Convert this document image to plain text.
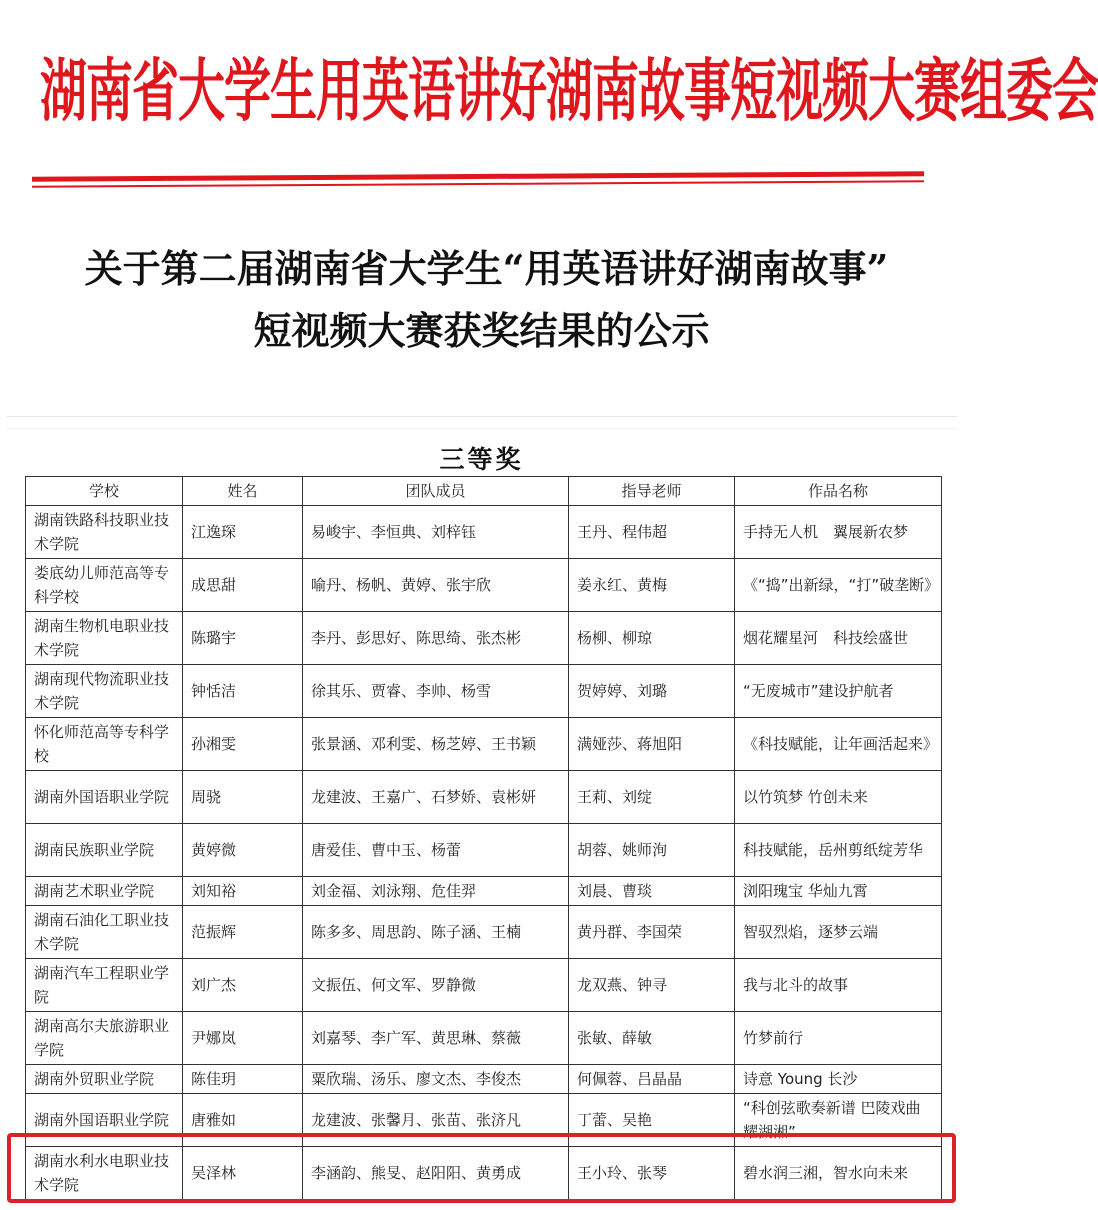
湖南省大学生用英语讲好湖南故事短视频大赛组委会
关于第二届湖南省大学生“用英语讲好湖南故事”
短视频大赛获奖结果的公示
三等奖
学校	姓名	团队成员	指导老师	作品名称
湖南铁路科技职业技术学院	江逸琛	易峻宇、李恒典、刘梓钰	王丹、程伟超	手持无人机　翼展新农梦
娄底幼儿师范高等专科学校	成思甜	喻丹、杨帆、黄婷、张宇欣	姜永红、黄梅	《“捣”出新绿，“打”破垄断》
湖南生物机电职业技术学院	陈璐宇	李丹、彭思好、陈思绮、张杰彬	杨柳、柳琼	烟花耀星河　科技绘盛世
湖南现代物流职业技术学院	钟恬洁	徐其乐、贾睿、李帅、杨雪	贺婷婷、刘璐	“无废城市”建设护航者
怀化师范高等专科学校	孙湘雯	张景涵、邓利雯、杨芝婷、王书颖	满娅莎、蒋旭阳	《科技赋能，让年画活起来》
湖南外国语职业学院	周骁	龙建波、王嘉广、石梦娇、袁彬妍	王莉、刘绽	以竹筑梦 竹创未来
湖南民族职业学院	黄婷微	唐爱佳、曹中玉、杨蕾	胡蓉、姚师洵	科技赋能，岳州剪纸绽芳华
湖南艺术职业学院	刘知裕	刘金福、刘泳翔、危佳羿	刘晨、曹琰	浏阳瑰宝 华灿九霄
湖南石油化工职业技术学院	范振辉	陈多多、周思韵、陈子涵、王楠	黄丹群、李国荣	智驭烈焰，逐梦云端
湖南汽车工程职业学院	刘广杰	文振伍、何文军、罗静微	龙双燕、钟寻	我与北斗的故事
湖南高尔夫旅游职业学院	尹娜岚	刘嘉琴、李广军、黄思琳、蔡薇	张敏、薛敏	竹梦前行
湖南外贸职业学院	陈佳玥	粟欣瑞、汤乐、廖文杰、李俊杰	何佩蓉、吕晶晶	诗意 Young 长沙
湖南外国语职业学院	唐雅如	龙建波、张馨月、张苗、张济凡	丁蕾、吴艳	“科创弦歌奏新谱 巴陵戏曲耀湖湘”
湖南水利水电职业技术学院	吴泽林	李涵韵、熊旻、赵阳阳、黄勇成	王小玲、张琴	碧水润三湘，智水向未来
